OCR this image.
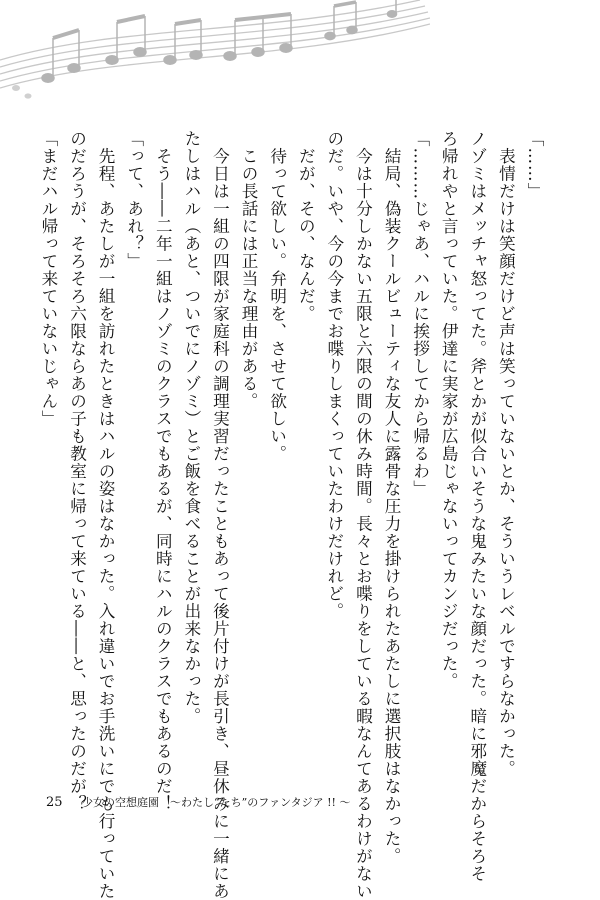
「……」
　表情だけは笑顔だけど声は笑っていないとか、そういうレベルですらなかった。
ノゾミはメッチャ怒ってた。斧とかが似合いそうな鬼みたいな顔だった。暗に邪魔だからそろそ
ろ帰れやと言っていた。伊達に実家が広島じゃないってカンジだった。
「………じゃあ、ハルに挨拶してから帰るわ」
　結局、偽装クールビューティな友人に露骨な圧力を掛けられたあたしに選択肢はなかった。
　今は十分しかない五限と六限の間の休み時間。長々とお喋りをしている暇なんてあるわけがない
のだ。いや、今の今までお喋りしまくっていたわけだけれど。
　だが、その、なんだ。
　待って欲しい。弁明を、させて欲しい。
　この長話には正当な理由がある。
　今日は一組の四限が家庭科の調理実習だったこともあって後片付けが長引き、昼休みに一緒にあ
たしはハル（あと、ついでにノゾミ）とご飯を食べることが出来なかった。
　そう――二年一組はノゾミのクラスでもあるが、同時にハルのクラスでもあるのだ！
「って、あれ？」
　先程、あたしが一組を訪れたときはハルの姿はなかった。入れ違いでお手洗いにでも行っていた
のだろうが、そろそろ六限ならあの子も教室に帰って来ている――と、思ったのだが？
「まだハル帰って来ていないじゃん」
25 少女の空想庭園　〜わたし“たち”のファンタジア !! 〜
